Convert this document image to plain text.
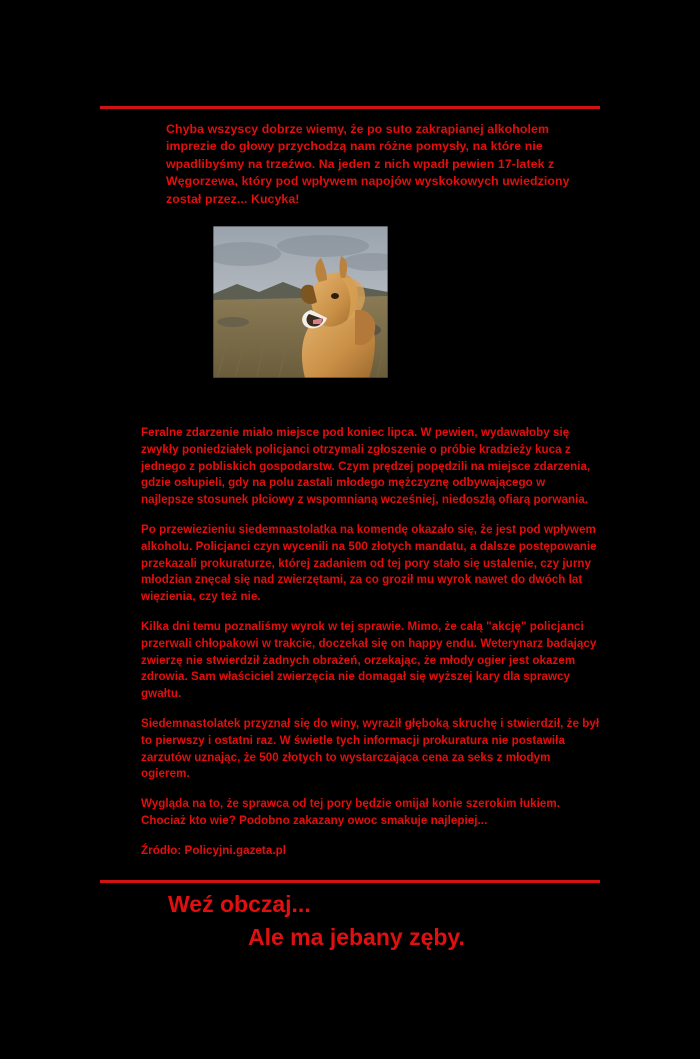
Chyba wszyscy dobrze wiemy, że po suto zakrapianej alkoholem imprezie do głowy przychodzą nam różne pomysły, na które nie wpadlibyśmy na trzeźwo. Na jeden z nich wpadł pewien 17-latek z Węgorzewa, który pod wpływem napojów wyskokowych uwiedziony został przez... Kucyka!

Feralne zdarzenie miało miejsce pod koniec lipca. W pewien, wydawałoby się zwykły poniedziałek policjanci otrzymali zgłoszenie o próbie kradzieży kuca z jednego z pobliskich gospodarstw. Czym prędzej popędzili na miejsce zdarzenia, gdzie osłupieli, gdy na polu zastali młodego mężczyznę odbywającego w najlepsze stosunek płciowy z wspomnianą wcześniej, niedoszłą ofiarą porwania.

Po przewiezieniu siedemnastolatka na komendę okazało się, że jest pod wpływem alkoholu. Policjanci czyn wycenili na 500 złotych mandatu, a dalsze postępowanie przekazali prokuraturze, której zadaniem od tej pory stało się ustalenie, czy jurny młodzian znęcał się nad zwierzętami, za co groził mu wyrok nawet do dwóch lat więzienia, czy też nie.

Kilka dni temu poznaliśmy wyrok w tej sprawie. Mimo, że całą "akcję" policjanci przerwali chłopakowi w trakcie, doczekał się on happy endu. Weterynarz badający zwierzę nie stwierdził żadnych obrażeń, orzekając, że młody ogier jest okazem zdrowia. Sam właściciel zwierzęcia nie domagał się wyższej kary dla sprawcy gwałtu.

Siedemnastolatek przyznał się do winy, wyraził głęboką skruchę i stwierdził, że był to pierwszy i ostatni raz. W świetle tych informacji prokuratura nie postawiła zarzutów uznając, że 500 złotych to wystarczająca cena za seks z młodym ogierem.

Wygląda na to, że sprawca od tej pory będzie omijał konie szerokim łukiem. Chociaż kto wie? Podobno zakazany owoc smakuje najlepiej...

Źródło: Policyjni.gazeta.pl

Weź obczaj...
Ale ma jebany zęby.
